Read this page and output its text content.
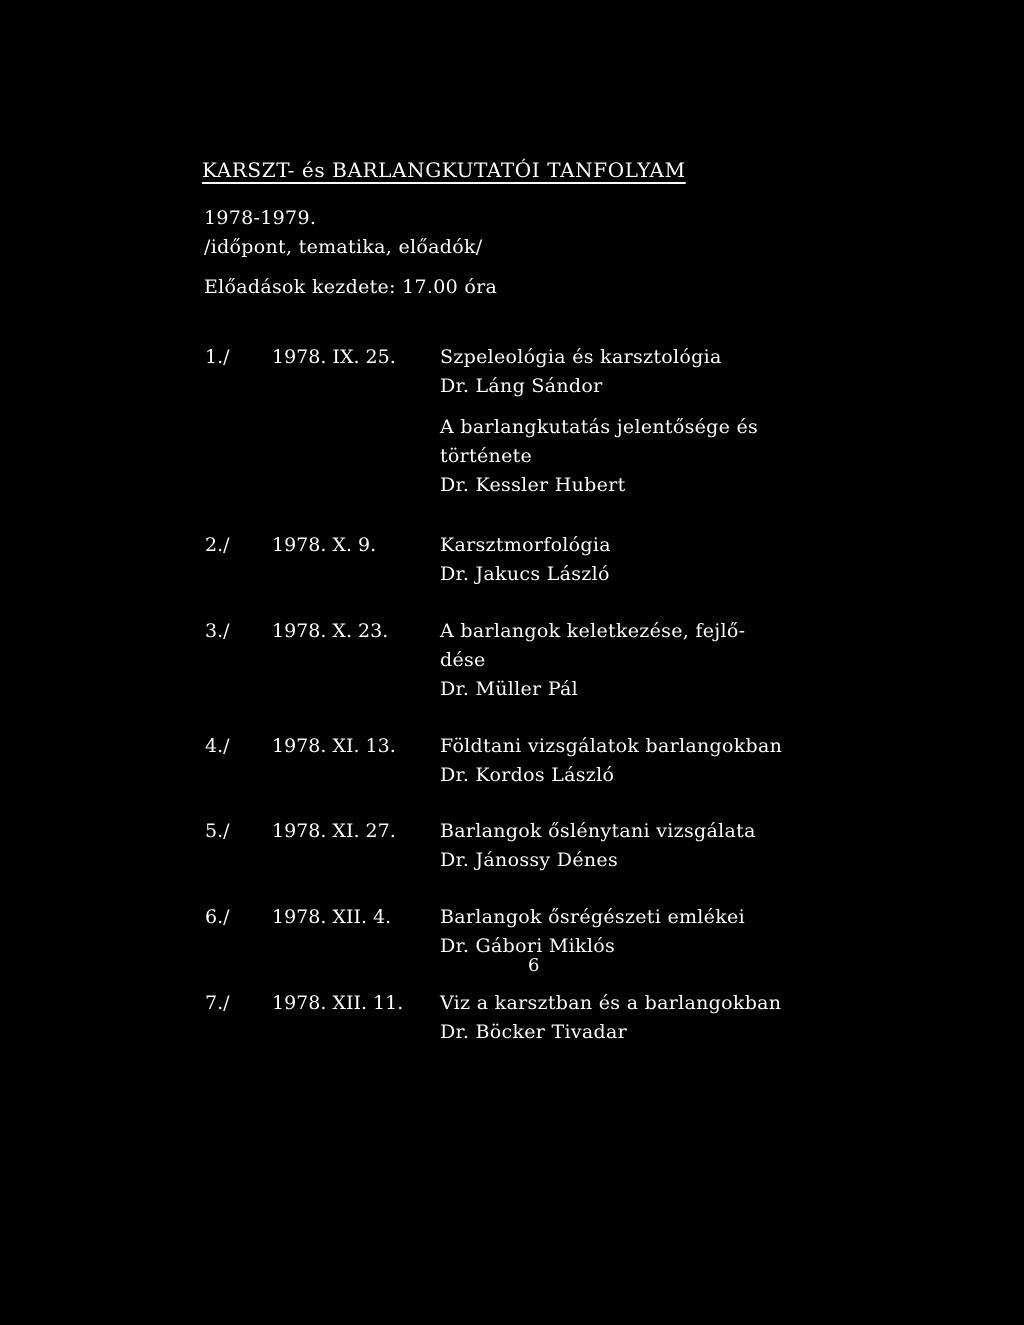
KARSZT- és BARLANGKUTATÓI TANFOLYAM
1978-1979.
/időpont, tematika, előadók/
Előadások kezdete: 17.00 óra
1./ 1978. IX. 25. Szpeleológia és karsztológia
Dr. Láng Sándor
A barlangkutatás jelentősége és
története
Dr. Kessler Hubert
2./ 1978. X. 9.	Karsztmorfológia
Dr. Jakucs László
3./ 1978. X. 23.	A barlangok keletkezése, fejlő-
dése
Dr. Müller Pál
4./ 1978. XI. 13. Földtani vizsgálatok barlangokban
Dr. Kordos László
5./ 1978. XI. 27. Barlangok őslénytani vizsgálata
Dr. Jánossy Dénes
6./ 1978. XII. 4.	Barlangok ősrégészeti emlékei
Dr. Gábori Miklós
7./ 1978. XII. 11. Viz a karsztban és a barlangokban
Dr. Böcker Tivadar
6
